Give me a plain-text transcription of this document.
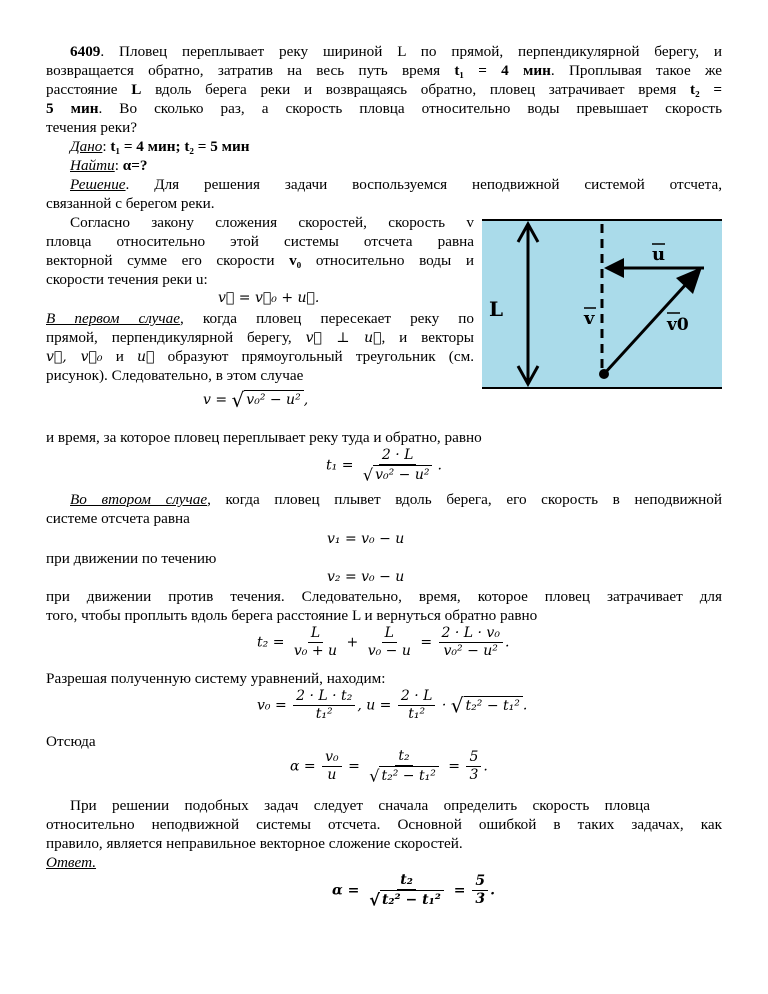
6409. Пловец переплывает реку шириной L по прямой, перпендикулярной берегу, и
возвращается обратно, затратив на весь путь время t₁ = 4 мин. Проплывая такое же
расстояние L вдоль берега реки и возвращаясь обратно, пловец затрачивает время t₂ =
5 мин. Во сколько раз, а скорость пловца относительно воды превышает скорость
течения реки?
Дано: t₁ = 4 мин; t₂ = 5 мин
Найти: α=?
Решение. Для решения задачи воспользуемся неподвижной системой отсчета,
связанной с берегом реки.
Согласно закону сложения скоростей, скорость v
пловца относительно этой системы отсчета равна
векторной сумме его скорости v₀ относительно воды и
скорости течения реки u:
v⃗ = v⃗₀ + u⃗.
В первом случае, когда пловец пересекает реку по
прямой, перпендикулярной берегу, v⃗ ⊥ u⃗, и векторы
v⃗, v⃗₀ и u⃗ образуют прямоугольный треугольник (см.
рисунок). Следовательно, в этом случае
v = √ v₀² − u² ,
и время, за которое пловец переплывает реку туда и обратно, равно
$t_1 = \frac{2 \cdot L}{\text{√ v₀² − u²}}$ .
Во втором случае, когда пловец плывет вдоль берега, его скорость в неподвижной
системе отсчета равна
v₁ = v₀ − u
при движении по течению
v₂ = v₀ − u
при движении против течения. Следовательно, время, которое пловец затрачивает для
того, чтобы проплыть вдоль берега расстояние L и вернуться обратно равно
$t_2 = \frac{L}{\text{v₀ + u}} + \frac{L}{\text{v₀ − u}} = \frac{\text{2 · L · v₀}}{\text{v₀² − u²}}$ .
Разрешая полученную систему уравнений, находим:
$v_0 = \frac{\text{2 · L · t₂}}{\text{t₁²}}$ , $u = \frac{2 \cdot L}{\text{t₁²}}$ · √ t₂² − t₁² .
Отсюда
$\alpha = \frac{\text{v₀}}{u} = \frac{\text{t₂}}{\text{√ t₂² − t₁²}} = \frac{5}{3}$ .
При решении подобных задач следует сначала определить скорость пловца
относительно неподвижной системы отсчета. Основной ошибкой в таких задачах, как
правило, является неправильное векторное сложение скоростей.
Ответ.
$\alpha = \frac{\text{t₂}}{\text{√ t₂² − t₁²}} = \frac{5}{3}$ .
L
u
v0
v
